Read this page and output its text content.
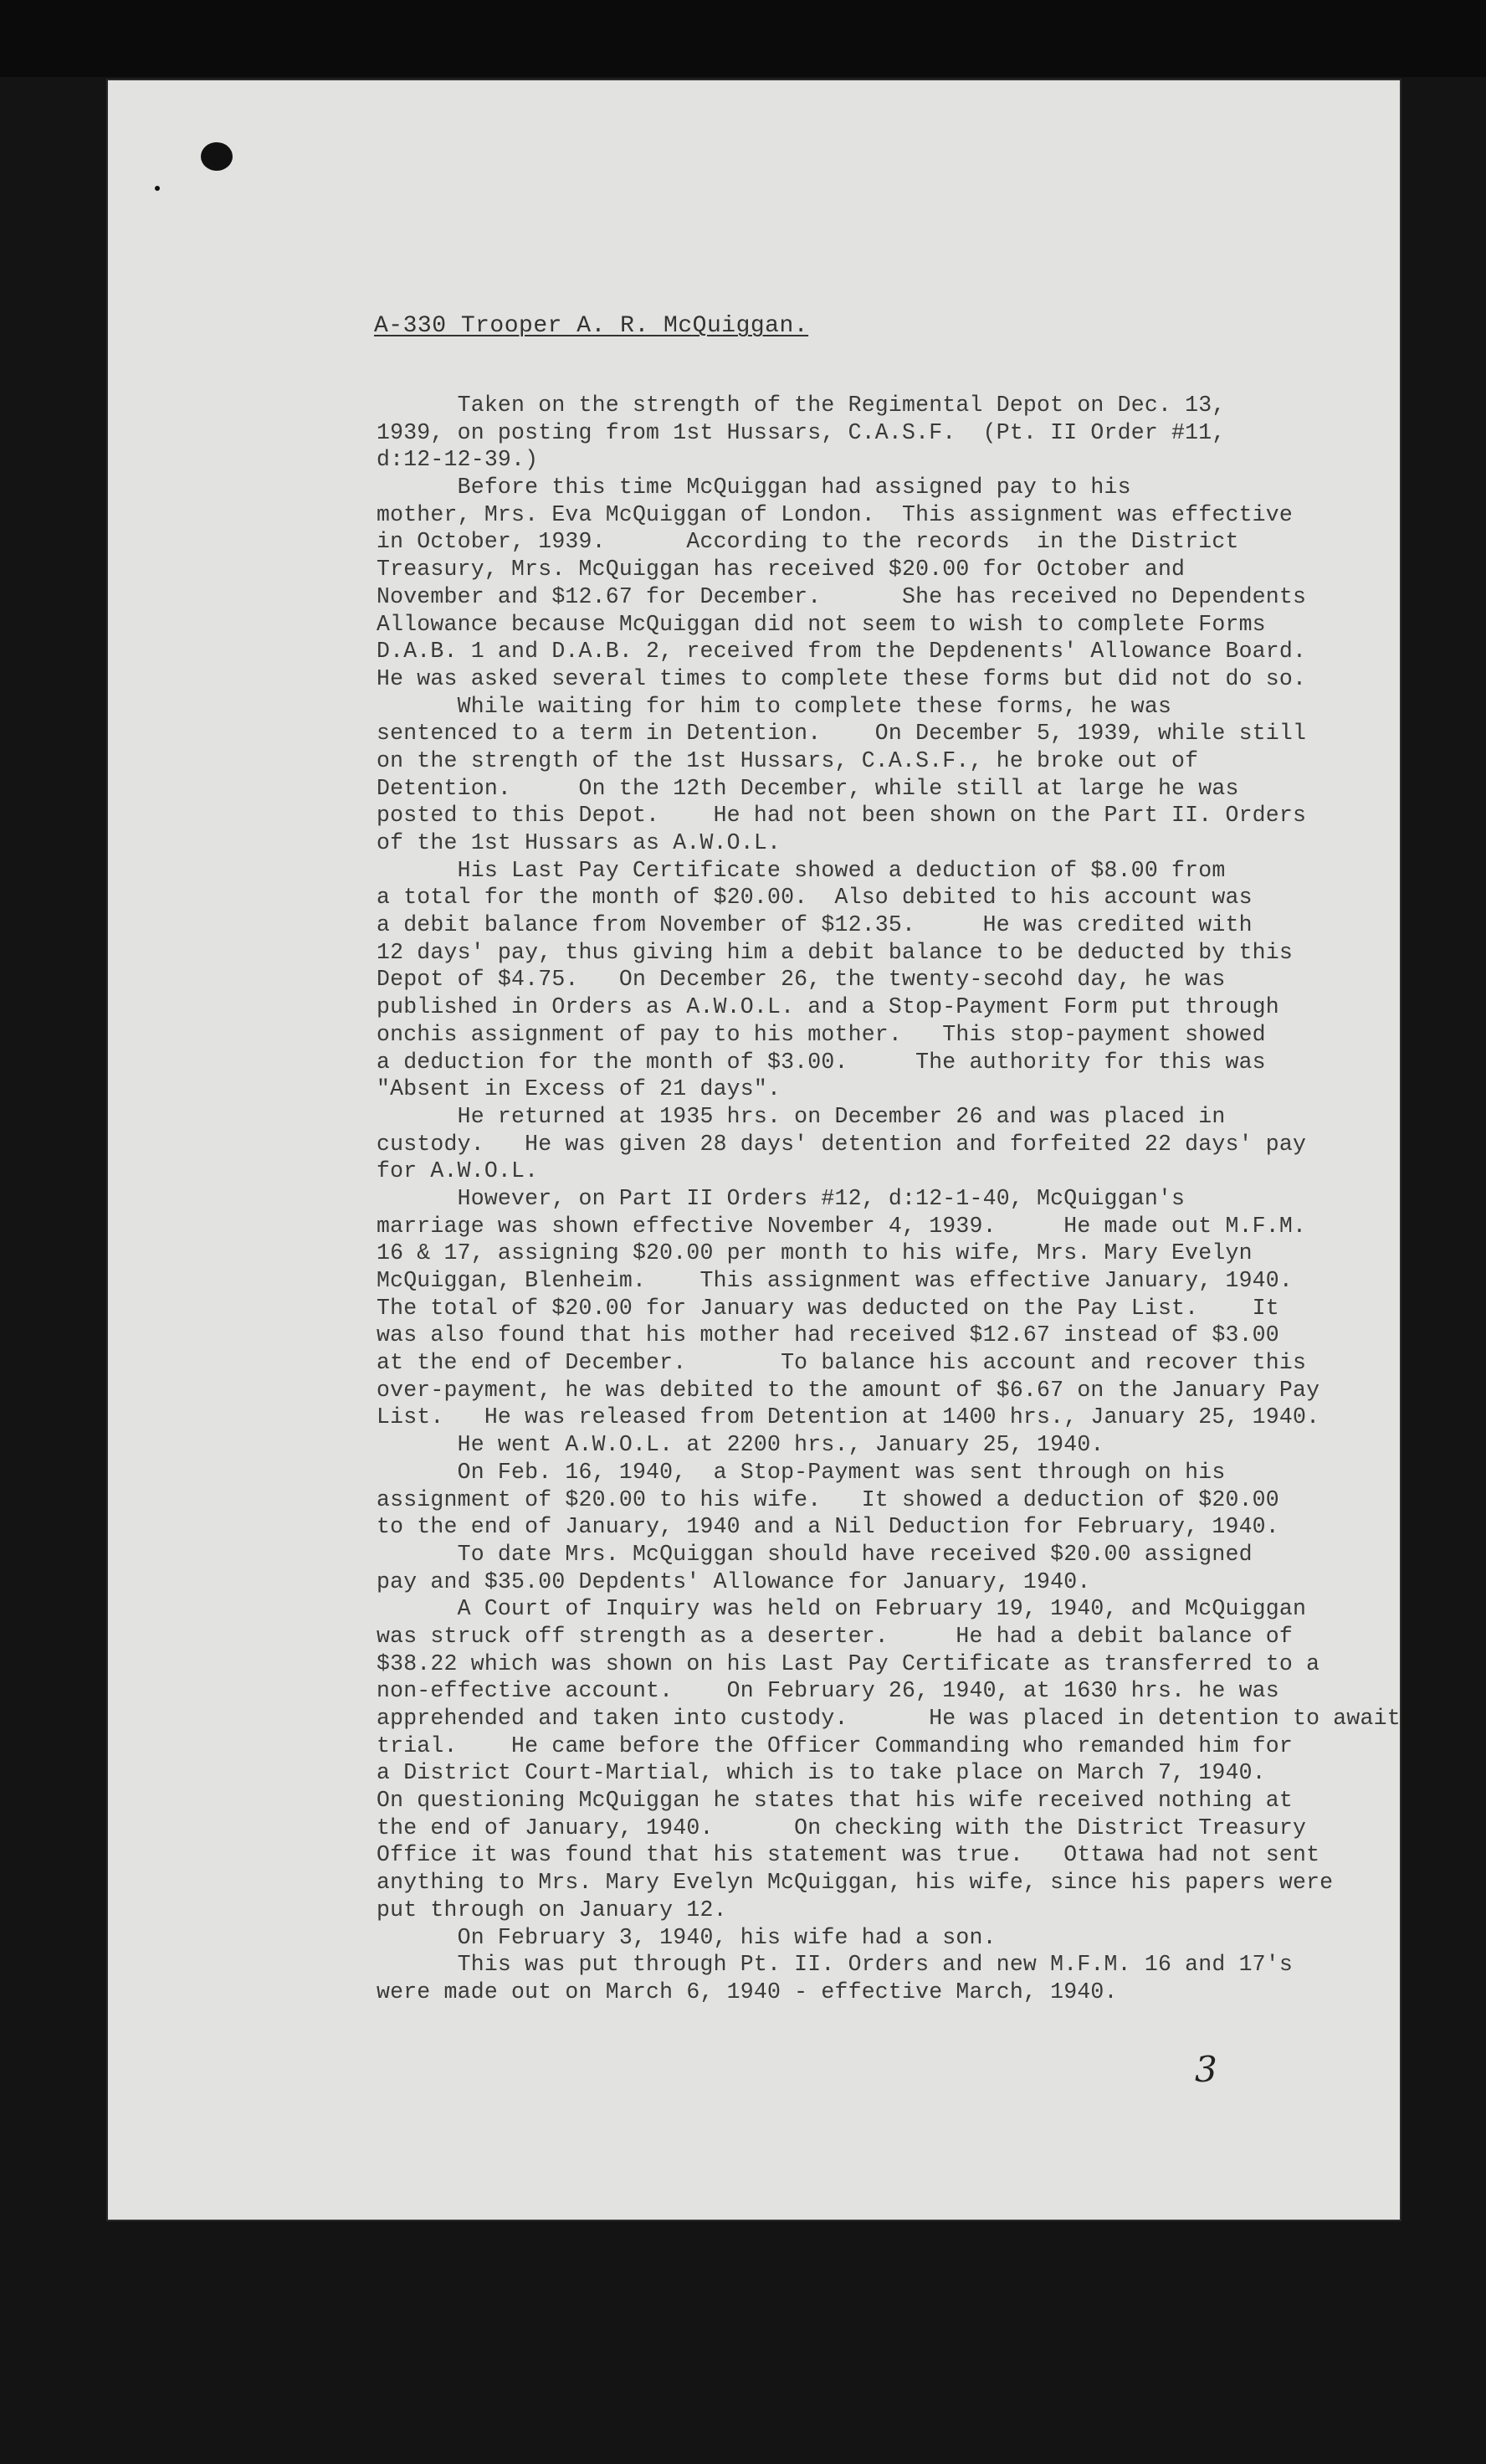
A-330 Trooper A. R. McQuiggan.
Taken on the strength of the Regimental Depot on Dec. 13,
1939, on posting from 1st Hussars, C.A.S.F.  (Pt. II Order #11,
d:12-12-39.)
Before this time McQuiggan had assigned pay to his
mother, Mrs. Eva McQuiggan of London.  This assignment was effective
in October, 1939.      According to the records  in the District
Treasury, Mrs. McQuiggan has received $20.00 for October and
November and $12.67 for December.      She has received no Dependents
Allowance because McQuiggan did not seem to wish to complete Forms
D.A.B. 1 and D.A.B. 2, received from the Depdenents' Allowance Board.
He was asked several times to complete these forms but did not do so.
While waiting for him to complete these forms, he was
sentenced to a term in Detention.    On December 5, 1939, while still
on the strength of the 1st Hussars, C.A.S.F., he broke out of
Detention.     On the 12th December, while still at large he was
posted to this Depot.    He had not been shown on the Part II. Orders
of the 1st Hussars as A.W.O.L.
His Last Pay Certificate showed a deduction of $8.00 from
a total for the month of $20.00.  Also debited to his account was
a debit balance from November of $12.35.     He was credited with
12 days' pay, thus giving him a debit balance to be deducted by this
Depot of $4.75.   On December 26, the twenty-secohd day, he was
published in Orders as A.W.O.L. and a Stop-Payment Form put through
onchis assignment of pay to his mother.   This stop-payment showed
a deduction for the month of $3.00.     The authority for this was
"Absent in Excess of 21 days".
He returned at 1935 hrs. on December 26 and was placed in
custody.   He was given 28 days' detention and forfeited 22 days' pay
for A.W.O.L.
However, on Part II Orders #12, d:12-1-40, McQuiggan's
marriage was shown effective November 4, 1939.     He made out M.F.M.
16 & 17, assigning $20.00 per month to his wife, Mrs. Mary Evelyn
McQuiggan, Blenheim.    This assignment was effective January, 1940.
The total of $20.00 for January was deducted on the Pay List.    It
was also found that his mother had received $12.67 instead of $3.00
at the end of December.       To balance his account and recover this
over-payment, he was debited to the amount of $6.67 on the January Pay
List.   He was released from Detention at 1400 hrs., January 25, 1940.
He went A.W.O.L. at 2200 hrs., January 25, 1940.
On Feb. 16, 1940,  a Stop-Payment was sent through on his
assignment of $20.00 to his wife.   It showed a deduction of $20.00
to the end of January, 1940 and a Nil Deduction for February, 1940.
To date Mrs. McQuiggan should have received $20.00 assigned
pay and $35.00 Depdents' Allowance for January, 1940.
A Court of Inquiry was held on February 19, 1940, and McQuiggan
was struck off strength as a deserter.     He had a debit balance of
$38.22 which was shown on his Last Pay Certificate as transferred to a
non-effective account.    On February 26, 1940, at 1630 hrs. he was
apprehended and taken into custody.      He was placed in detention to await
trial.    He came before the Officer Commanding who remanded him for
a District Court-Martial, which is to take place on March 7, 1940.
On questioning McQuiggan he states that his wife received nothing at
the end of January, 1940.      On checking with the District Treasury
Office it was found that his statement was true.   Ottawa had not sent
anything to Mrs. Mary Evelyn McQuiggan, his wife, since his papers were
put through on January 12.
On February 3, 1940, his wife had a son.
This was put through Pt. II. Orders and new M.F.M. 16 and 17's
were made out on March 6, 1940 - effective March, 1940.
3
